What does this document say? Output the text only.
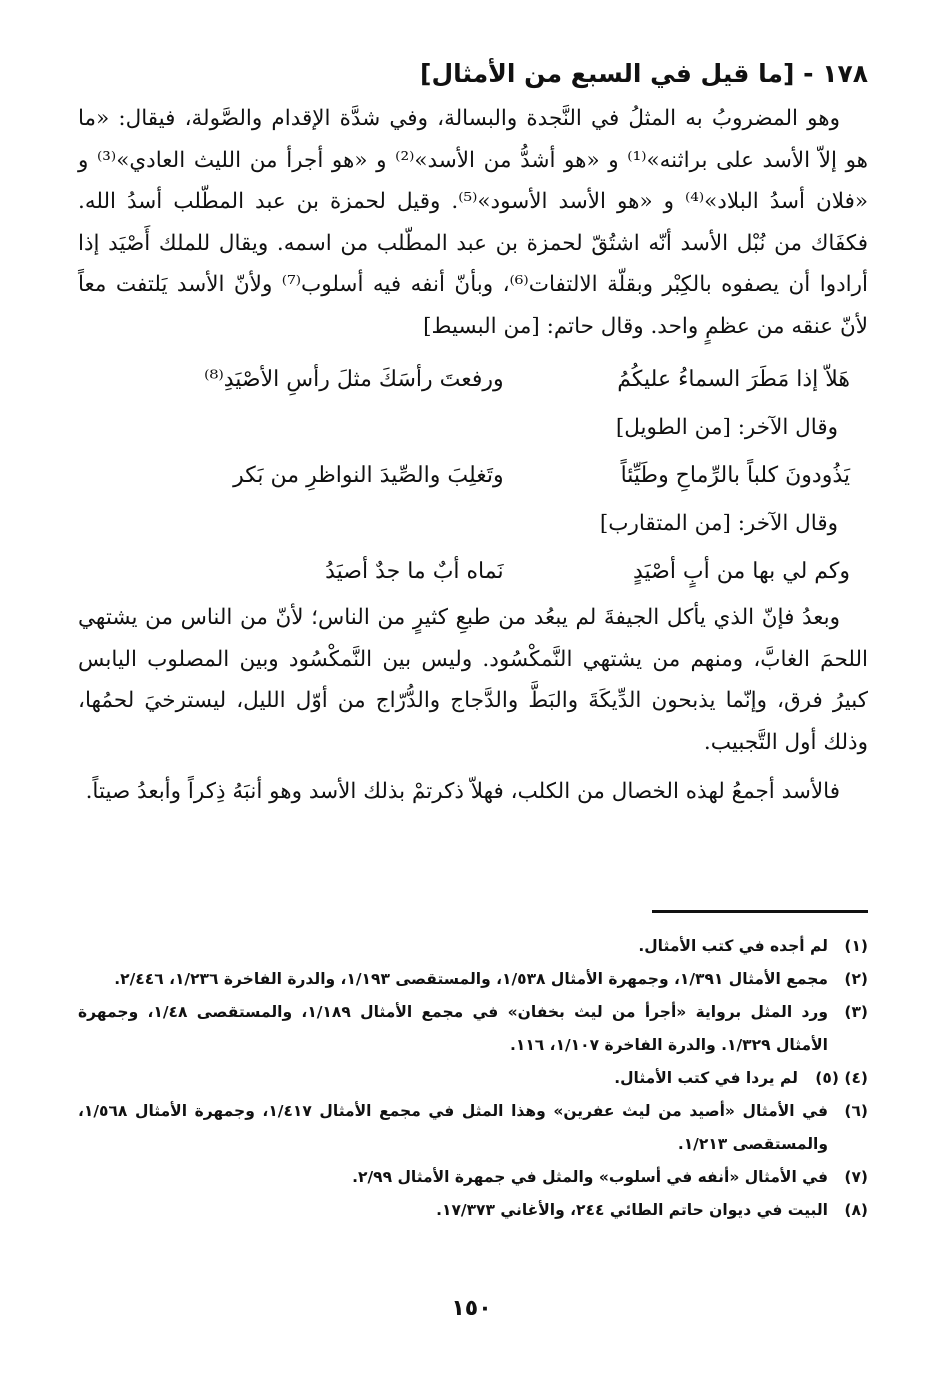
١٧٨ - [ما قيل في السبع من الأمثال]

وهو المضروبُ به المثلُ في النَّجدة والبسالة، وفي شدَّة الإقدام والصَّولة، فيقال: «ما هو إلاّ الأسد على براثنه»⁽¹⁾ و «هو أشدُّ من الأسد»⁽²⁾ و «هو أجرأ من الليث العادي»⁽³⁾ و «فلان أسدُ البلاد»⁽⁴⁾ و «هو الأسد الأسود»⁽⁵⁾. وقيل لحمزة بن عبد المطّلب أسدُ الله. فكفَاك من نُبْل الأسد أنّه اشتُقّ لحمزة بن عبد المطّلب من اسمه. ويقال للملك أَصْيَد إذا أرادوا أن يصفوه بالكِبْر وبقلّة الالتفات⁽⁶⁾، وبأنّ أنفه فيه أسلوب⁽⁷⁾ ولأنّ الأسد يَلتفت معاً لأنّ عنقه من عظمٍ واحد. وقال حاتم: [من البسيط]

هَلاّ إذا مَطَرَ السماءُ عليكُمُ
ورفعتَ رأسَكَ مثلَ رأسِ الأصْيَدِ⁽⁸⁾
وقال الآخر: [من الطويل]
يَذُودونَ كلباً بالرِّماحِ وطَيِّئاً
وتَغلِبَ والصِّيدَ النواظرِ من بَكر
وقال الآخر: [من المتقارب]
وكم لي بها من أبٍ أصْيَدٍ
نَماه أبٌ ما جدٌ أصيَدُ

وبعدُ فإنّ الذي يأكل الجيفةَ لم يبعُد من طبعِ كثيرٍ من الناس؛ لأنّ من الناس من يشتهي اللحمَ الغابَّ، ومنهم من يشتهي النَّمكْسُود. وليس بين النَّمكْسُود وبين المصلوب اليابس كبيرُ فرق، وإنّما يذبحون الدِّيكَةَ والبَطَّ والدَّجاج والدُّرّاج من أوّل الليل، ليسترخيَ لحمُها، وذلك أول التَّجبيب.

فالأسد أجمعُ لهذه الخصال من الكلب، فهلاّ ذكرتمْ بذلك الأسد وهو أنبَهُ ذِكراً وأبعدُ صيتاً.

(١)
لم أجده في كتب الأمثال.
(٢)
مجمع الأمثال ١/٣٩١، وجمهرة الأمثال ١/٥٣٨، والمستقصى ١/١٩٣، والدرة الفاخرة ١/٢٣٦، ٢/٤٤٦.
(٣)
ورد المثل برواية «أجرأ من ليث بخفان» في مجمع الأمثال ١/١٨٩، والمستقصى ١/٤٨، وجمهرة الأمثال ١/٣٢٩. والدرة الفاخرة ١/١٠٧، ١١٦.
(٤) (٥)
لم يردا في كتب الأمثال.
(٦)
في الأمثال «أصيد من ليث عفرين» وهذا المثل في مجمع الأمثال ١/٤١٧، وجمهرة الأمثال ١/٥٦٨، والمستقصى ١/٢١٣.
(٧)
في الأمثال «أنفه في أسلوب» والمثل في جمهرة الأمثال ٢/٩٩.
(٨)
البيت في ديوان حاتم الطائي ٢٤٤، والأغاني ١٧/٣٧٣.
١٥٠
